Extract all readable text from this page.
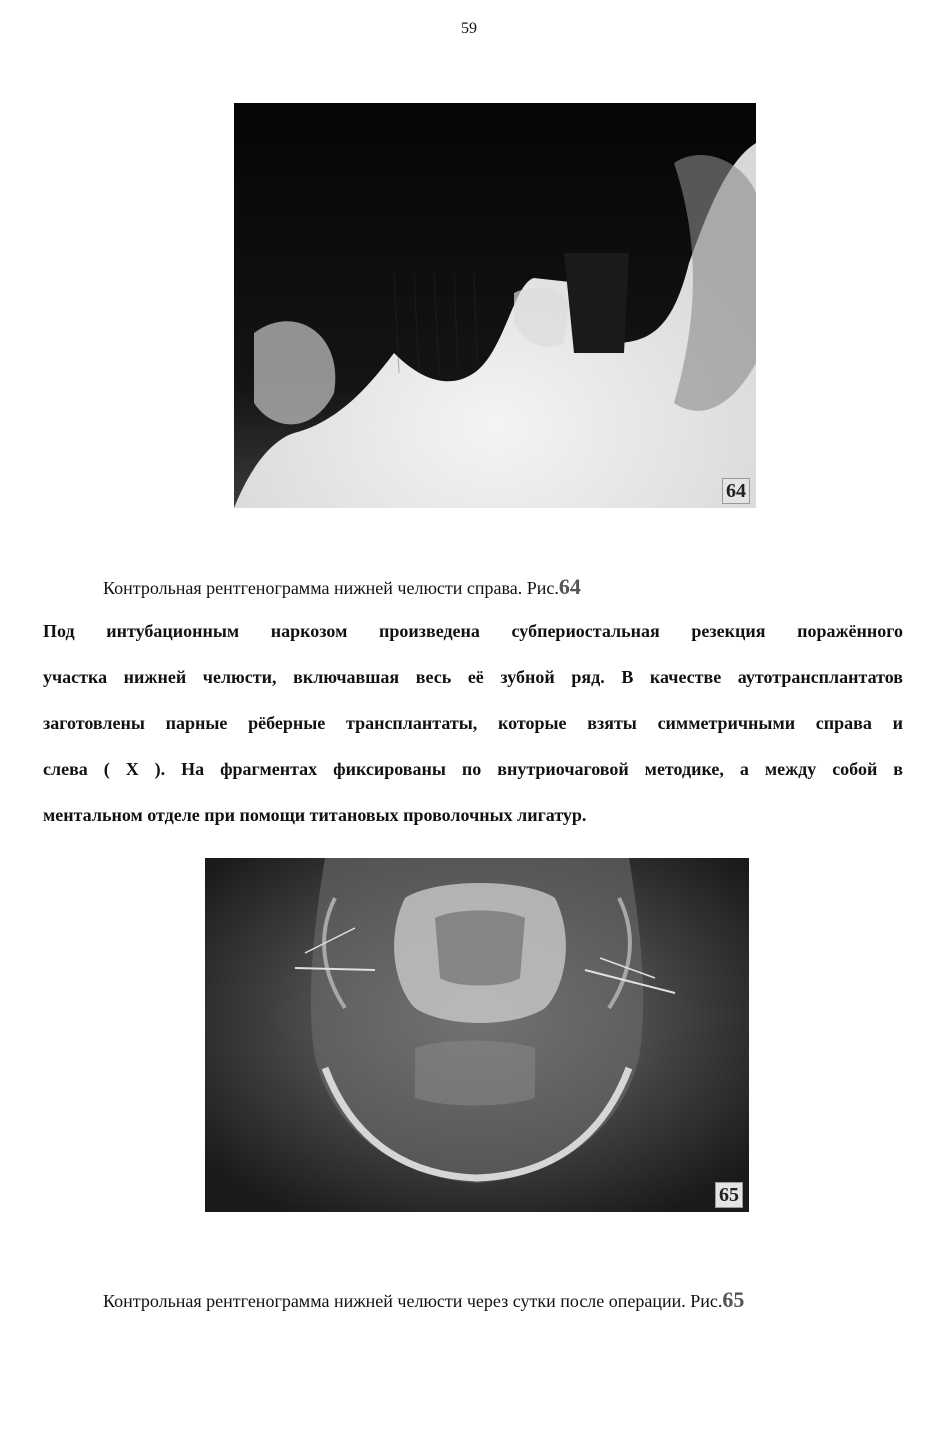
59
64
Контрольная рентгенограмма нижней челюсти справа. Рис.64
Под интубационным наркозом произведена субпериостальная резекция поражённого
участка нижней челюсти, включавшая весь её зубной ряд. В качестве аутотрансплантатов
заготовлены парные рёберные трансплантаты, которые взяты симметричными справа и
слева ( X ). На фрагментах фиксированы по внутриочаговой методике, а между собой в
ментальном отделе при помощи титановых проволочных лигатур.
65
Контрольная рентгенограмма нижней челюсти через сутки после операции. Рис.65
